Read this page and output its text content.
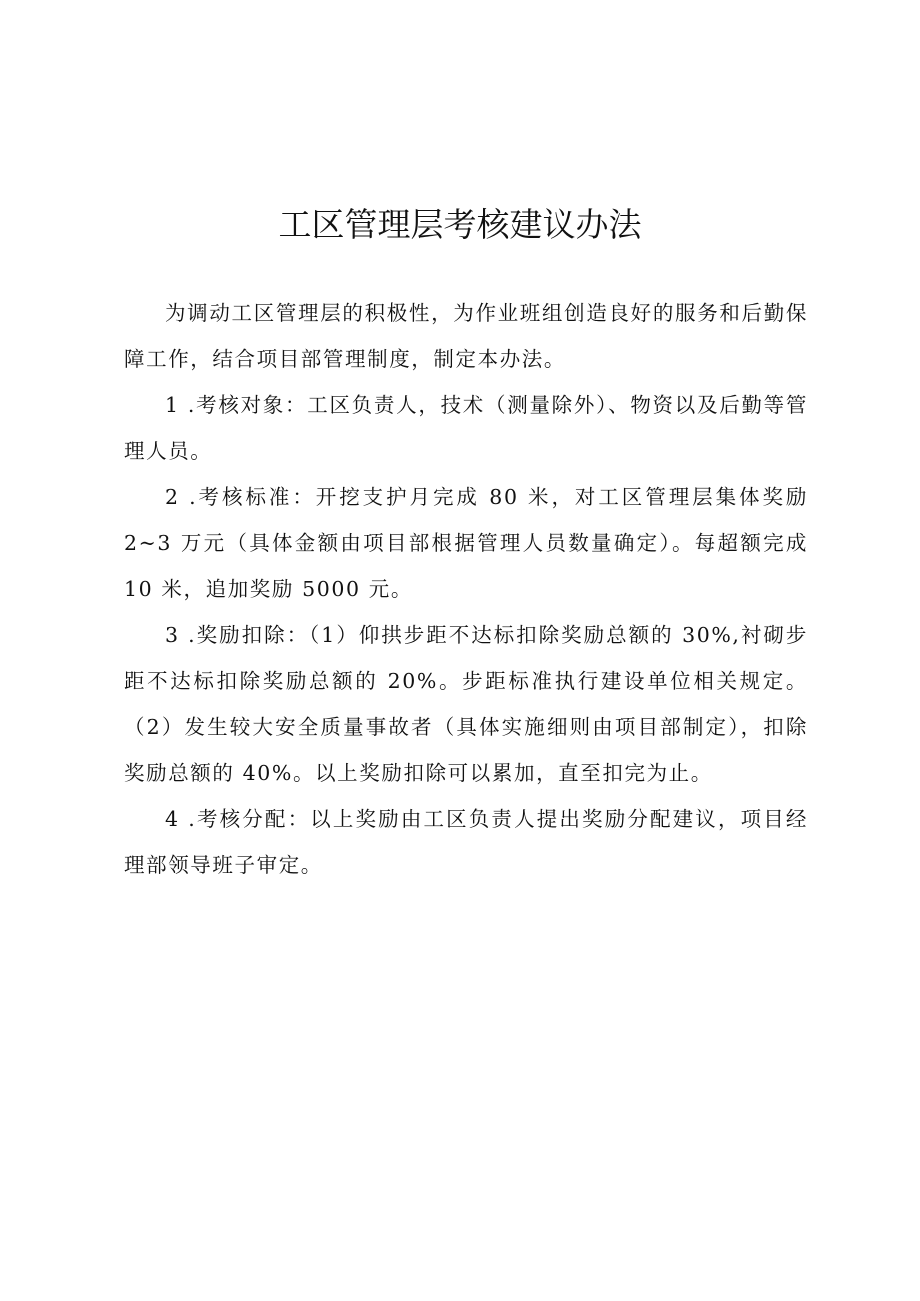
工区管理层考核建议办法

为调动工区管理层的积极性，为作业班组创造良好的服务和后勤保障工作，结合项目部管理制度，制定本办法。

1 .考核对象：工区负责人，技术（测量除外）、物资以及后勤等管理人员。

2 .考核标准：开挖支护月完成 80 米，对工区管理层集体奖励 2~3 万元（具体金额由项目部根据管理人员数量确定）。每超额完成 10 米，追加奖励 5000 元。

3 .奖励扣除：（1）仰拱步距不达标扣除奖励总额的 30%,衬砌步距不达标扣除奖励总额的 20%。步距标准执行建设单位相关规定。（2）发生较大安全质量事故者（具体实施细则由项目部制定），扣除奖励总额的 40%。以上奖励扣除可以累加，直至扣完为止。

4 .考核分配：以上奖励由工区负责人提出奖励分配建议，项目经理部领导班子审定。
